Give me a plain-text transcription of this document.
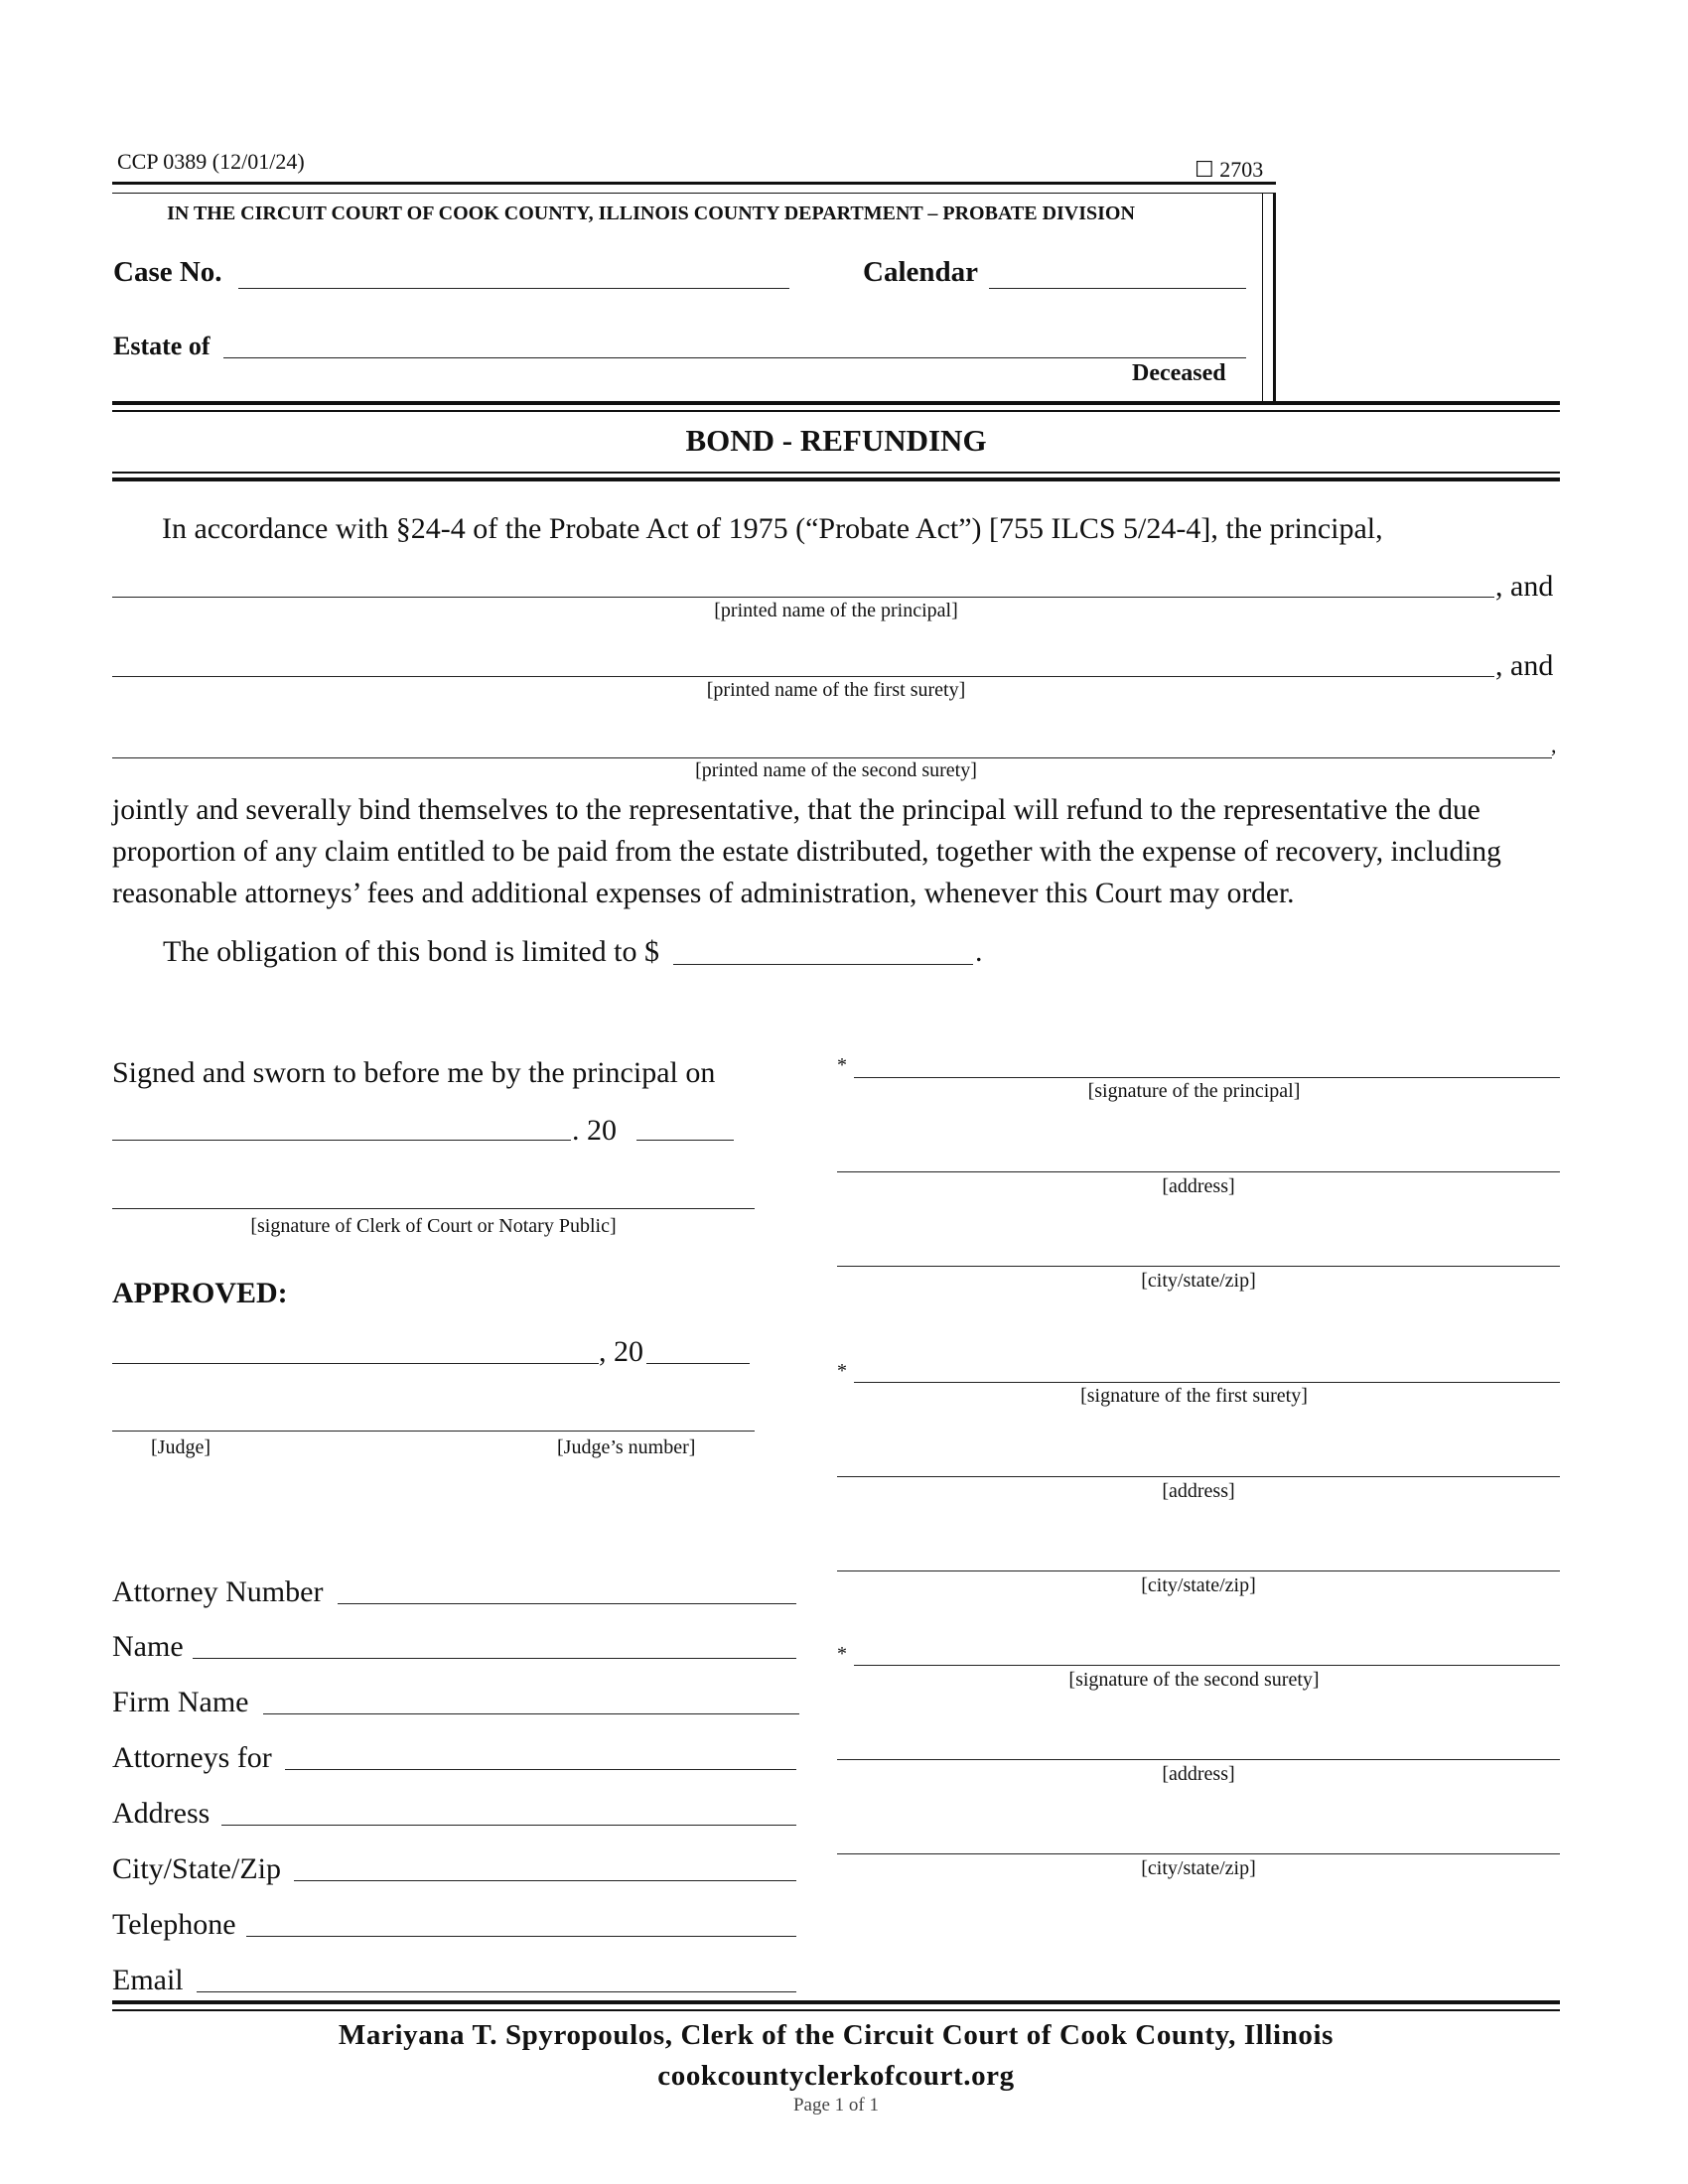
CCP 0389 (12/01/24)	☐ 2703
IN THE CIRCUIT COURT OF COOK COUNTY, ILLINOIS COUNTY DEPARTMENT – PROBATE DIVISION
Case No.	Calendar
Estate of
Deceased
BOND - REFUNDING
In accordance with §24-4 of the Probate Act of 1975 (“Probate Act”) [755 ILCS 5/24-4], the principal,
, and
[printed name of the principal]
, and
[printed name of the first surety]
,
[printed name of the second surety]
jointly and severally bind themselves to the representative, that the principal will refund to the representative the due
proportion of any claim entitled to be paid from the estate distributed, together with the expense of recovery, including
reasonable attorneys’ fees and additional expenses of administration, whenever this Court may order.
The obligation of this bond is limited to $	.
Signed and sworn to before me by the principal on
. 20
[signature of Clerk of Court or Notary Public]
APPROVED:
, 20
[Judge]	[Judge’s number]
Attorney Number
Name
Firm Name
Attorneys for
Address
City/State/Zip
Telephone
Email
*
[signature of the principal]
[address]
[city/state/zip]
*
[signature of the first surety]
[address]
[city/state/zip]
*
[signature of the second surety]
[address]
[city/state/zip]
Mariyana T. Spyropoulos, Clerk of the Circuit Court of Cook County, Illinois
cookcountyclerkofcourt.org
Page 1 of 1
